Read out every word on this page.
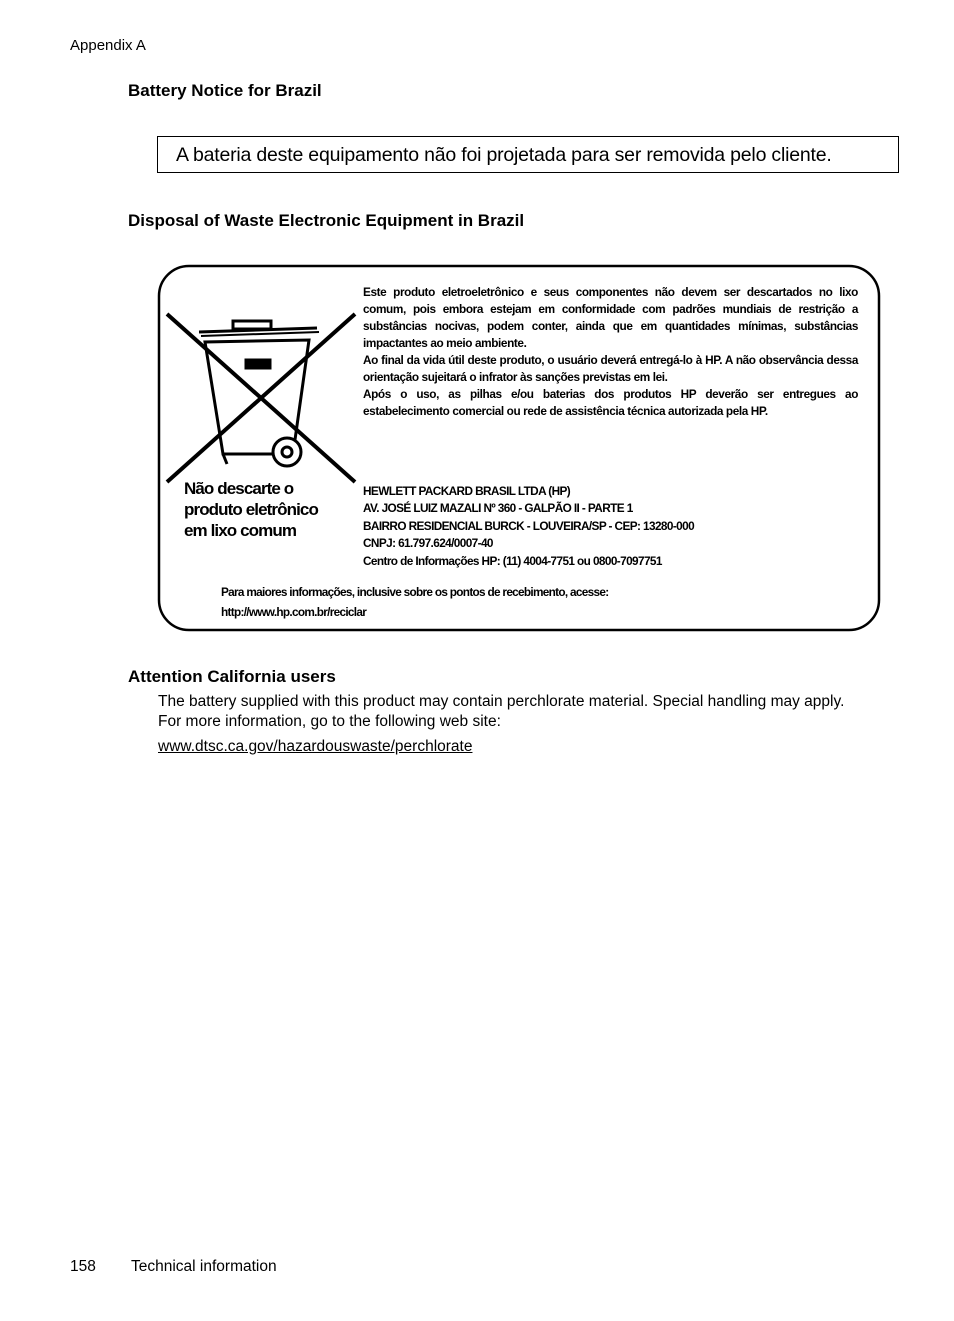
Appendix A
Battery Notice for Brazil
A bateria deste equipamento não foi projetada para ser removida pelo cliente.
Disposal of Waste Electronic Equipment in Brazil

Este produto eletroeletrônico e seus componentes não devem ser descartados no lixo comum, pois embora estejam em conformidade com padrões mundiais de restrição a substâncias nocivas, podem conter, ainda que em quantidades mínimas, substâncias impactantes ao meio ambiente.

Ao final da vida útil deste produto, o usuário deverá entregá-lo à HP. A não observância dessa orientação sujeitará o infrator às sanções previstas em lei.

Após o uso, as pilhas e/ou baterias dos produtos HP deverão ser entregues ao estabelecimento comercial ou rede de assistência técnica autorizada pela HP.

HEWLETT PACKARD BRASIL LTDA (HP)
AV. JOSÉ LUIZ MAZALI Nº 360 - GALPÃO II - PARTE 1
BAIRRO RESIDENCIAL BURCK - LOUVEIRA/SP - CEP: 13280-000
CNPJ: 61.797.624/0007-40
Centro de Informações HP: (11) 4004-7751 ou 0800-7097751
Não descarte o
produto eletrônico
em lixo comum
Para maiores informações, inclusive sobre os pontos de recebimento, acesse:
http://www.hp.com.br/reciclar
Attention California users
The battery supplied with this product may contain perchlorate material. Special handling may apply. For more information, go to the following web site:
www.dtsc.ca.gov/hazardouswaste/perchlorate
158 Technical information
